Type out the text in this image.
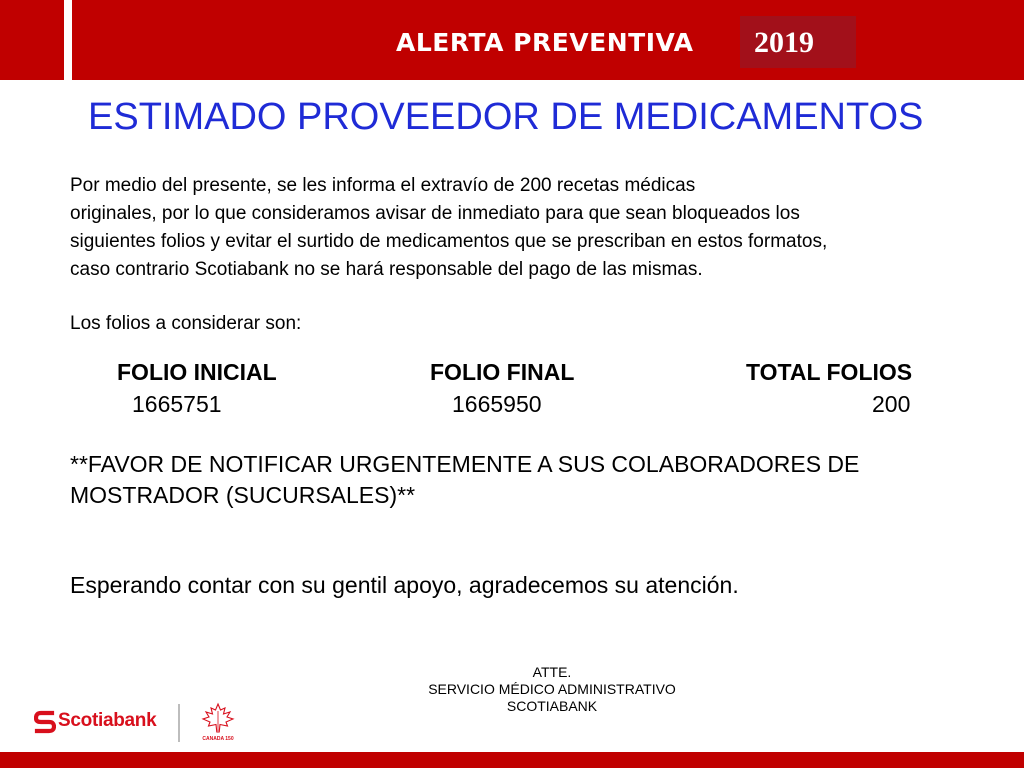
ALERTA PREVENTIVA 2019
ESTIMADO PROVEEDOR DE MEDICAMENTOS

Por medio del presente, se les informa el extravío de 200 recetas médicas
originales, por lo que consideramos avisar de inmediato para que sean bloqueados los
siguientes folios y evitar el surtido de medicamentos que se prescriban en estos formatos,
caso contrario Scotiabank no se hará responsable del pago de las mismas.

Los folios a considerar son:
FOLIO INICIAL	FOLIO FINAL	TOTAL FOLIOS
1665751	1665950	200

**FAVOR DE NOTIFICAR URGENTEMENTE A SUS COLABORADORES DE
MOSTRADOR (SUCURSALES)**

Esperando contar con su gentil apoyo, agradecemos su atención.
ATTE.
SERVICIO MÉDICO ADMINISTRATIVO
SCOTIABANK
Scotiabank
CANADA 150
